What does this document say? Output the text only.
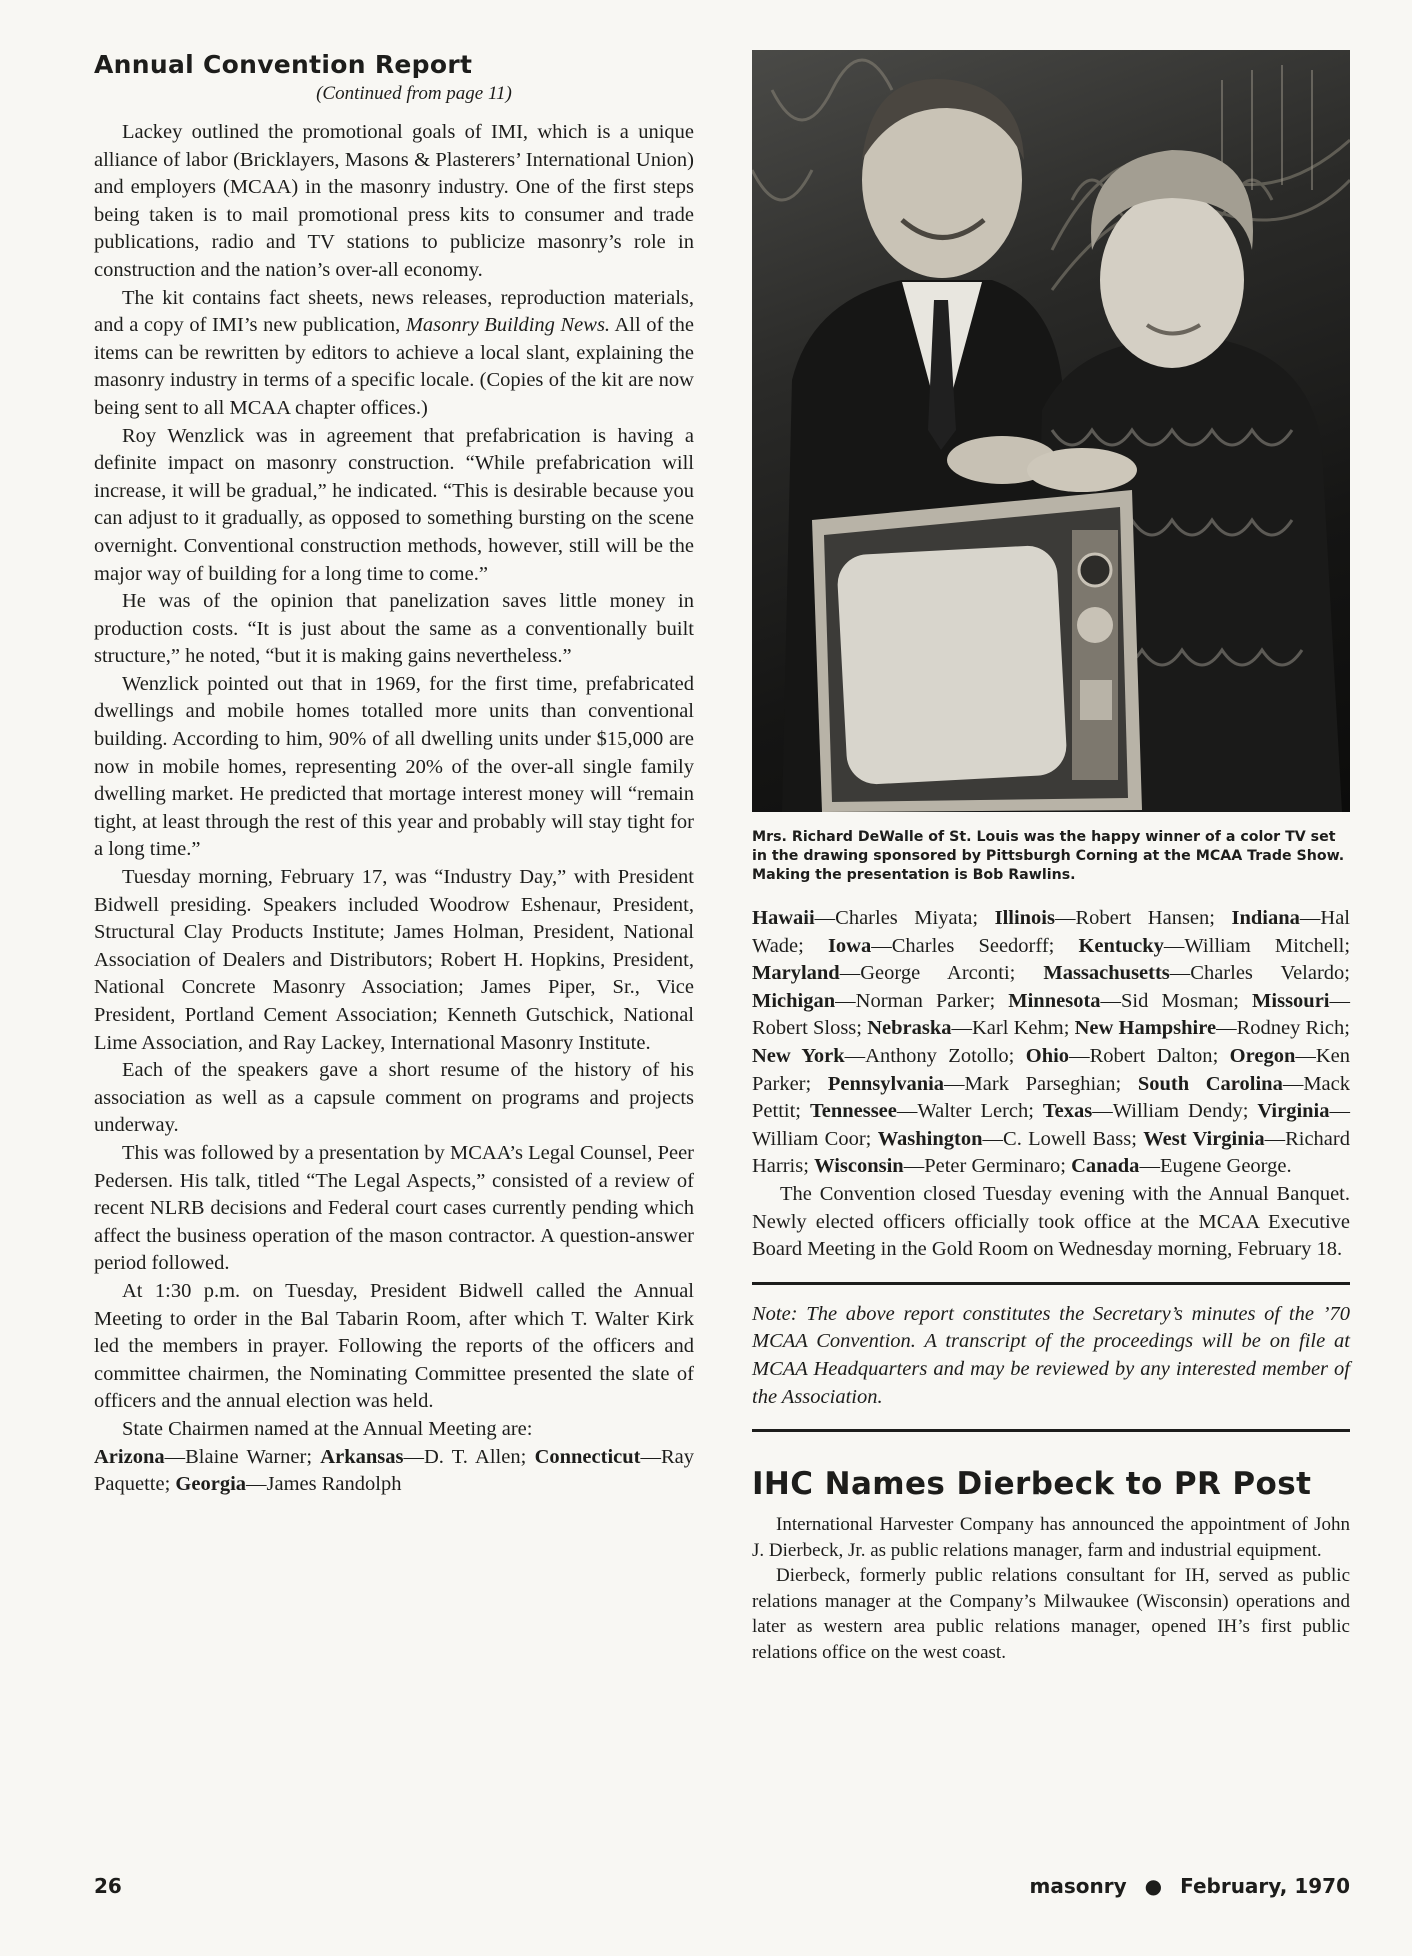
Annual Convention Report
(Continued from page 11)

Lackey outlined the promotional goals of IMI, which is a unique alliance of labor (Bricklayers, Masons & Plasterers’ International Union) and employers (MCAA) in the masonry industry. One of the first steps being taken is to mail promotional press kits to consumer and trade publications, radio and TV stations to publicize masonry’s role in construction and the nation’s over-all economy.

The kit contains fact sheets, news releases, reproduction materials, and a copy of IMI’s new publication, Masonry Building News. All of the items can be rewritten by editors to achieve a local slant, explaining the masonry industry in terms of a specific locale. (Copies of the kit are now being sent to all MCAA chapter offices.)

Roy Wenzlick was in agreement that prefabrication is having a definite impact on masonry construction. “While prefabrication will increase, it will be gradual,” he indicated. “This is desirable because you can adjust to it gradually, as opposed to something bursting on the scene overnight. Conventional construction methods, however, still will be the major way of building for a long time to come.”

He was of the opinion that panelization saves little money in production costs. “It is just about the same as a conventionally built structure,” he noted, “but it is making gains nevertheless.”

Wenzlick pointed out that in 1969, for the first time, prefabricated dwellings and mobile homes totalled more units than conventional building. According to him, 90% of all dwelling units under $15,000 are now in mobile homes, representing 20% of the over-all single family dwelling market. He predicted that mortage interest money will “remain tight, at least through the rest of this year and probably will stay tight for a long time.”

Tuesday morning, February 17, was “Industry Day,” with President Bidwell presiding. Speakers included Woodrow Eshenaur, President, Structural Clay Products Institute; James Holman, President, National Association of Dealers and Distributors; Robert H. Hopkins, President, National Concrete Masonry Association; James Piper, Sr., Vice President, Portland Cement Association; Kenneth Gutschick, National Lime Association, and Ray Lackey, International Masonry Institute.

Each of the speakers gave a short resume of the history of his association as well as a capsule comment on programs and projects underway.

This was followed by a presentation by MCAA’s Legal Counsel, Peer Pedersen. His talk, titled “The Legal Aspects,” consisted of a review of recent NLRB decisions and Federal court cases currently pending which affect the business operation of the mason contractor. A question-answer period followed.

At 1:30 p.m. on Tuesday, President Bidwell called the Annual Meeting to order in the Bal Tabarin Room, after which T. Walter Kirk led the members in prayer. Following the reports of the officers and committee chairmen, the Nominating Committee presented the slate of officers and the annual election was held.

State Chairmen named at the Annual Meeting are:

Arizona—Blaine Warner; Arkansas—D. T. Allen; Connecticut—Ray Paquette; Georgia—James Randolph

Mrs. Richard DeWalle of St. Louis was the happy winner of a color TV set in the drawing sponsored by Pittsburgh Corning at the MCAA Trade Show. Making the presentation is Bob Rawlins.

Hawaii—Charles Miyata; Illinois—Robert Hansen; Indiana—Hal Wade; Iowa—Charles Seedorff; Kentucky—William Mitchell; Maryland—George Arconti; Massachusetts—Charles Velardo; Michigan—Norman Parker; Minnesota—Sid Mosman; Missouri—Robert Sloss; Nebraska—Karl Kehm; New Hampshire—Rodney Rich; New York—Anthony Zotollo; Ohio—Robert Dalton; Oregon—Ken Parker; Pennsylvania—Mark Parseghian; South Carolina—Mack Pettit; Tennessee—Walter Lerch; Texas—William Dendy; Virginia—William Coor; Washington—C. Lowell Bass; West Virginia—Richard Harris; Wisconsin—Peter Germinaro; Canada—Eugene George.

The Convention closed Tuesday evening with the Annual Banquet. Newly elected officers officially took office at the MCAA Executive Board Meeting in the Gold Room on Wednesday morning, February 18.

Note: The above report constitutes the Secretary’s minutes of the ’70 MCAA Convention. A transcript of the proceedings will be on file at MCAA Headquarters and may be reviewed by any interested member of the Association.

IHC Names Dierbeck to PR Post

International Harvester Company has announced the appointment of John J. Dierbeck, Jr. as public relations manager, farm and industrial equipment.

Dierbeck, formerly public relations consultant for IH, served as public relations manager at the Company’s Milwaukee (Wisconsin) operations and later as western area public relations manager, opened IH’s first public relations office on the west coast.

26	masonry ● February, 1970
